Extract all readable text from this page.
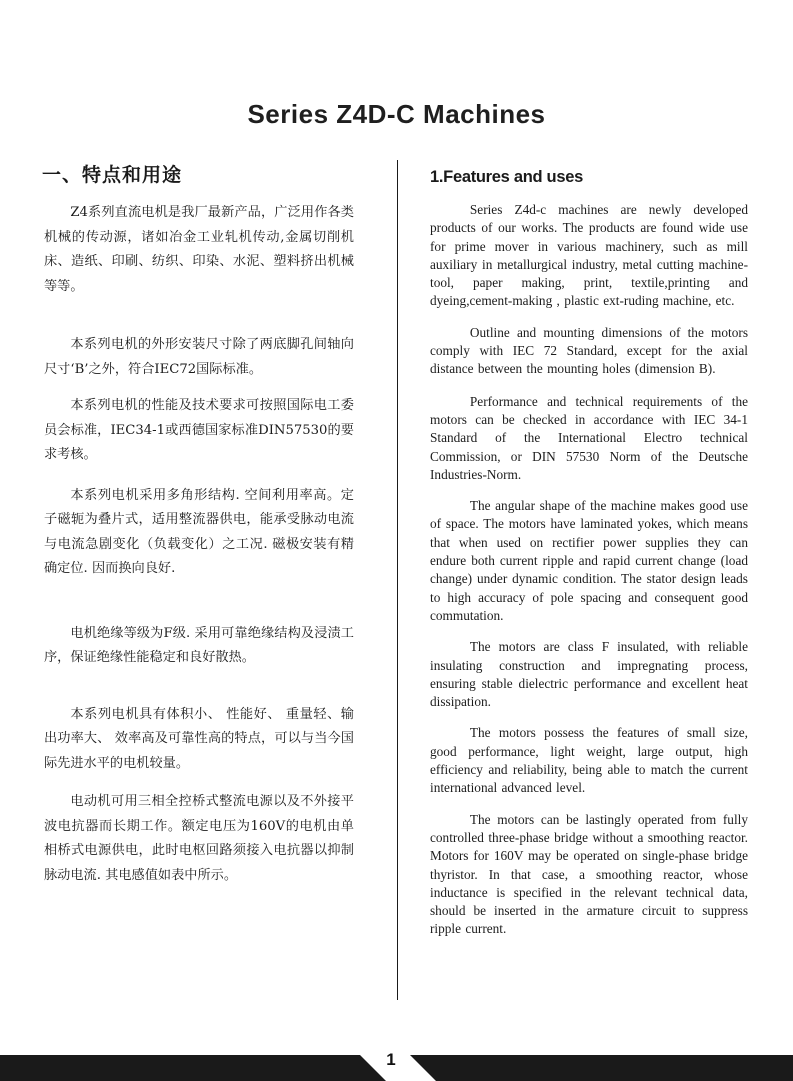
Series Z4D-C Machines
一、特点和用途

Z4系列直流电机是我厂最新产品，广泛用作各类机械的传动源，诸如冶金工业轧机传动,金属切削机床、造纸、印刷、纺织、印染、水泥、塑料挤出机械等等。

本系列电机的外形安装尺寸除了两底脚孔间轴向尺寸‘B’之外，符合IEC72国际标准。

本系列电机的性能及技术要求可按照国际电工委员会标准，IEC34-1或西德国家标准DIN57530的要求考核。

本系列电机采用多角形结构. 空间利用率高。定子磁轭为叠片式，适用整流器供电，能承受脉动电流与电流急剧变化（负载变化）之工况. 磁极安装有精确定位. 因而换向良好.

电机绝缘等级为F级. 采用可靠绝缘结构及浸渍工序，保证绝缘性能稳定和良好散热。

本系列电机具有体积小、 性能好、 重量轻、输出功率大、 效率高及可靠性高的特点，可以与当今国际先进水平的电机较量。

电动机可用三相全控桥式整流电源以及不外接平波电抗器而长期工作。额定电压为160V的电机由单相桥式电源供电，此时电枢回路须接入电抗器以抑制脉动电流. 其电感值如表中所示。

1.Features and uses

Series Z4d-c machines are newly developed products of our works. The products are found wide use for prime mover in various machinery, such as mill auxiliary in metallurgical industry, metal cutting machine-tool, paper making, print, textile,printing and dyeing,cement-making , plastic ext-ruding machine, etc.

Outline and mounting dimensions of the motors comply with IEC 72 Standard, except for the axial distance between the mounting holes (dimension B).

Performance and technical requirements of the motors can be checked in accordance with IEC 34-1 Standard of the International Electro technical Commission, or DIN 57530 Norm of the Deutsche Industries-Norm.

The angular shape of the machine makes good use of space. The motors have laminated yokes, which means that when used on rectifier power supplies they can endure both current ripple and rapid current change (load change) under dynamic condition. The stator design leads to high accuracy of pole spacing and consequent good commutation.

The motors are class F insulated, with reliable insulating construction and impregnating process, ensuring stable dielectric performance and excellent heat dissipation.

The motors possess the features of small size, good performance, light weight, large output, high efficiency and reliability, being able to match the current international advanced level.

The motors can be lastingly operated from fully controlled three-phase bridge without a smoothing reactor. Motors for 160V may be operated on single-phase bridge thyristor. In that case, a smoothing reactor, whose inductance is specified in the relevant technical data, should be inserted in the armature circuit to suppress ripple current.

1
